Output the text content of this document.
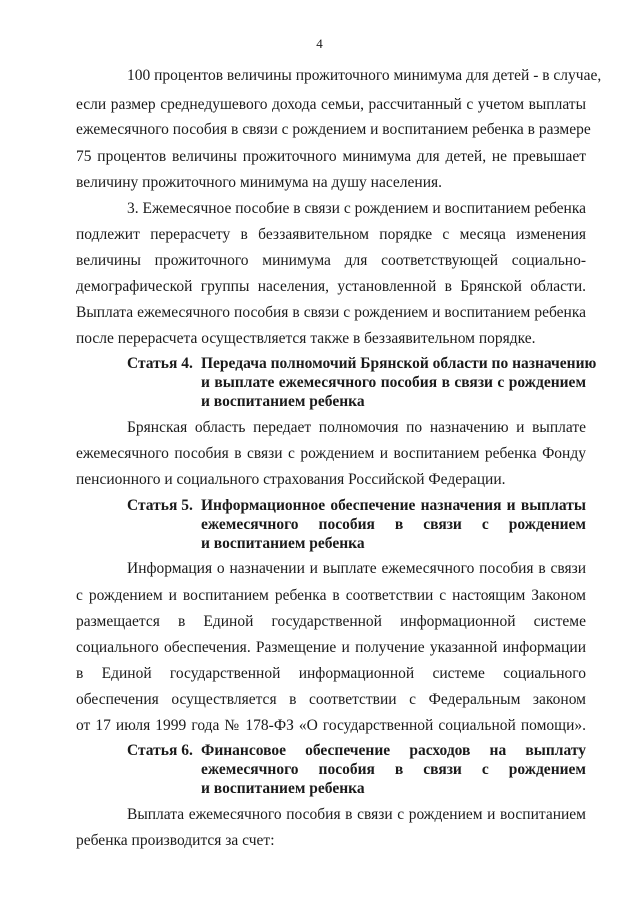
4
100 процентов величины прожиточного минимума для детей - в случае,
если размер среднедушевого дохода семьи, рассчитанный с учетом выплаты
ежемесячного пособия в связи с рождением и воспитанием ребенка в размере
75 процентов величины прожиточного минимума для детей, не превышает
величину прожиточного минимума на душу населения.
3. Ежемесячное пособие в связи с рождением и воспитанием ребенка
подлежит перерасчету в беззаявительном порядке с месяца изменения
величины прожиточного минимума для соответствующей социально-
демографической группы населения, установленной в Брянской области.
Выплата ежемесячного пособия в связи с рождением и воспитанием ребенка
после перерасчета осуществляется также в беззаявительном порядке.
Статья 4. Передача полномочий Брянской области по назначению
и выплате ежемесячного пособия в связи с рождением
и воспитанием ребенка
Брянская область передает полномочия по назначению и выплате
ежемесячного пособия в связи с рождением и воспитанием ребенка Фонду
пенсионного и социального страхования Российской Федерации.
Статья 5. Информационное обеспечение назначения и выплаты
ежемесячного пособия в связи с рождением
и воспитанием ребенка
Информация о назначении и выплате ежемесячного пособия в связи
с рождением и воспитанием ребенка в соответствии с настоящим Законом
размещается в Единой государственной информационной системе
социального обеспечения. Размещение и получение указанной информации
в Единой государственной информационной системе социального
обеспечения осуществляется в соответствии с Федеральным законом
от 17 июля 1999 года № 178-ФЗ «О государственной социальной помощи».
Статья 6. Финансовое обеспечение расходов на выплату
ежемесячного пособия в связи с рождением
и воспитанием ребенка
Выплата ежемесячного пособия в связи с рождением и воспитанием
ребенка производится за счет:
